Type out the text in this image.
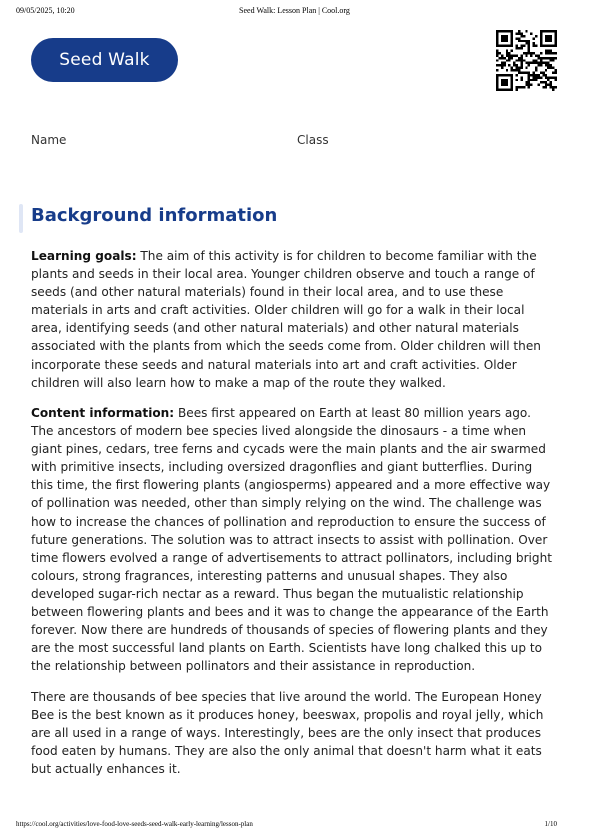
09/05/2025, 10:20	Seed Walk: Lesson Plan | Cool.org
Seed Walk
Name	Class
Background information

Learning goals: The aim of this activity is for children to become familiar with the plants and seeds in their local area. Younger children observe and touch a range of seeds (and other natural materials) found in their local area, and to use these materials in arts and craft activities. Older children will go for a walk in their local area, identifying seeds (and other natural materials) and other natural materials associated with the plants from which the seeds come from. Older children will then incorporate these seeds and natural materials into art and craft activities. Older children will also learn how to make a map of the route they walked.

Content information: Bees first appeared on Earth at least 80 million years ago. The ancestors of modern bee species lived alongside the dinosaurs - a time when giant pines, cedars, tree ferns and cycads were the main plants and the air swarmed with primitive insects, including oversized dragonflies and giant butterflies. During this time, the first flowering plants (angiosperms) appeared and a more effective way of pollination was needed, other than simply relying on the wind. The challenge was how to increase the chances of pollination and reproduction to ensure the success of future generations. The solution was to attract insects to assist with pollination. Over time flowers evolved a range of advertisements to attract pollinators, including bright colours, strong fragrances, interesting patterns and unusual shapes. They also developed sugar-rich nectar as a reward. Thus began the mutualistic relationship between flowering plants and bees and it was to change the appearance of the Earth forever. Now there are hundreds of thousands of species of flowering plants and they are the most successful land plants on Earth. Scientists have long chalked this up to the relationship between pollinators and their assistance in reproduction.

There are thousands of bee species that live around the world. The European Honey Bee is the best known as it produces honey, beeswax, propolis and royal jelly, which are all used in a range of ways. Interestingly, bees are the only insect that produces food eaten by humans. They are also the only animal that doesn't harm what it eats but actually enhances it.

https://cool.org/activities/love-food-love-seeds-seed-walk-early-learning/lesson-plan	1/10
